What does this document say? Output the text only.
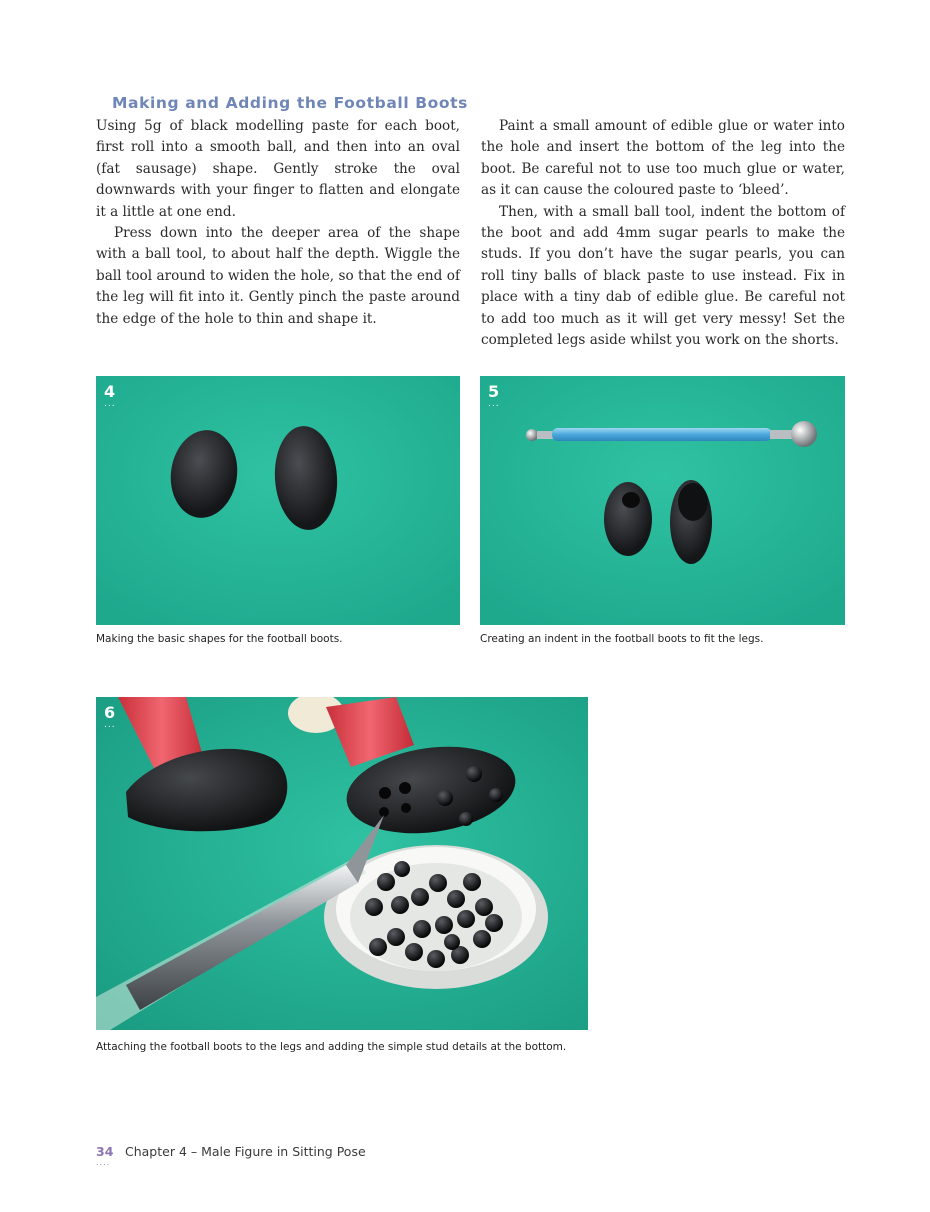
Making and Adding the Football Boots

Using 5g of black modelling paste for each boot, first roll into a smooth ball, and then into an oval (fat sausage) shape. Gently stroke the oval downwards with your finger to flatten and elongate it a little at one end.

Press down into the deeper area of the shape with a ball tool, to about half the depth. Wiggle the ball tool around to widen the hole, so that the end of the leg will fit into it. Gently pinch the paste around the edge of the hole to thin and shape it.

Paint a small amount of edible glue or water into the hole and insert the bottom of the leg into the boot. Be careful not to use too much glue or water, as it can cause the coloured paste to ‘bleed’.

Then, with a small ball tool, indent the bottom of the boot and add 4mm sugar pearls to make the studs. If you don’t have the sugar pearls, you can roll tiny balls of black paste to use instead. Fix in place with a tiny dab of edible glue. Be careful not to add too much as it will get very messy! Set the completed legs aside whilst you work on the shorts.

4
...
Making the basic shapes for the football boots.
5
...
Creating an indent in the football boots to fit the legs.
6
...
Attaching the football boots to the legs and adding the simple stud details at the bottom.
34
....
Chapter 4 – Male Figure in Sitting Pose
